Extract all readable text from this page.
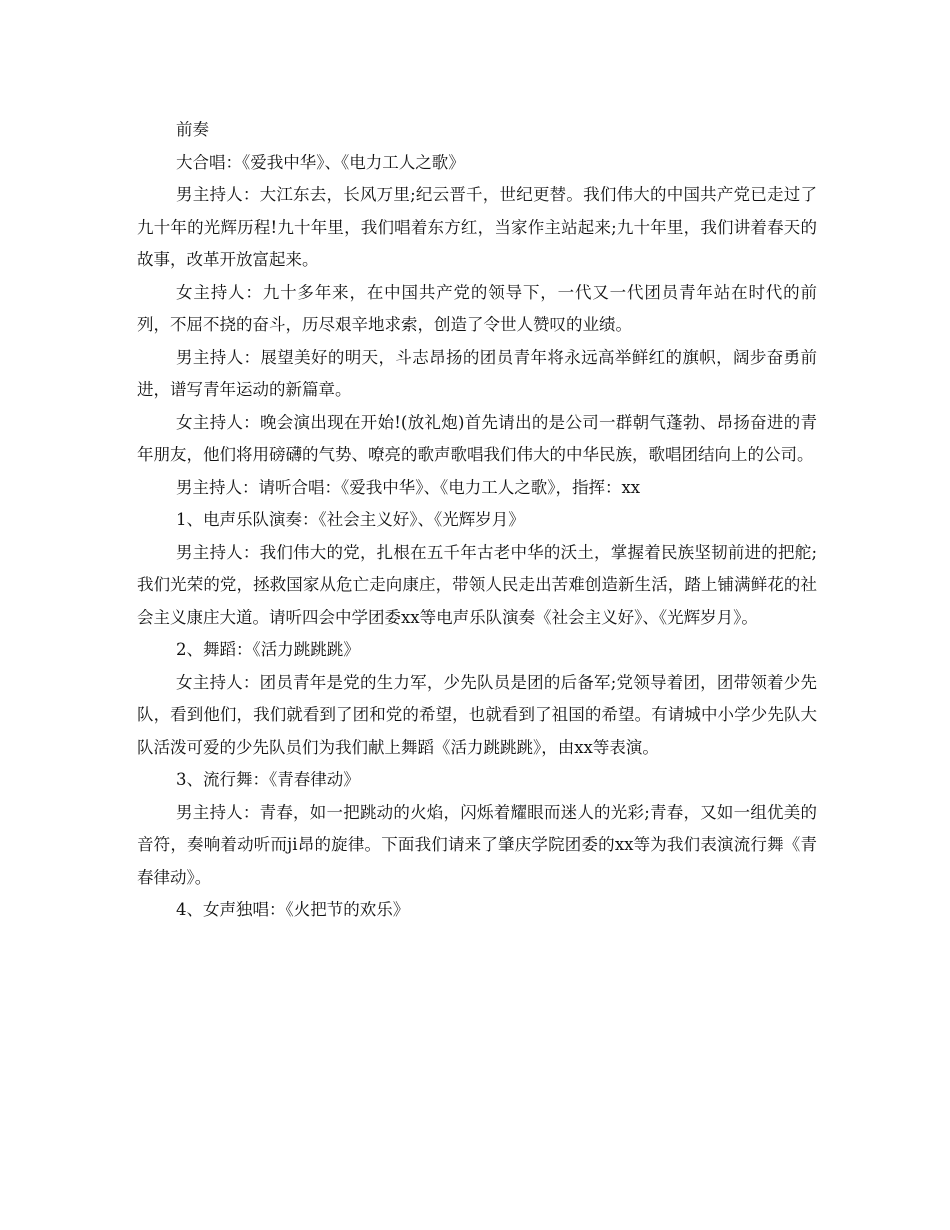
前奏

大合唱：《爱我中华》、《电力工人之歌》

男主持人：大江东去，长风万里;纪云晋千，世纪更替。我们伟大的中国共产党已走过了九十年的光辉历程!九十年里，我们唱着东方红，当家作主站起来;九十年里，我们讲着春天的故事，改革开放富起来。

女主持人：九十多年来，在中国共产党的领导下，一代又一代团员青年站在时代的前列，不屈不挠的奋斗，历尽艰辛地求索，创造了令世人赞叹的业绩。

男主持人：展望美好的明天，斗志昂扬的团员青年将永远高举鲜红的旗帜，阔步奋勇前进，谱写青年运动的新篇章。

女主持人：晚会演出现在开始!(放礼炮)首先请出的是公司一群朝气蓬勃、昂扬奋进的青年朋友，他们将用磅礴的气势、嘹亮的歌声歌唱我们伟大的中华民族，歌唱团结向上的公司。

男主持人：请听合唱：《爱我中华》、《电力工人之歌》，指挥：xx

1、电声乐队演奏：《社会主义好》、《光辉岁月》

男主持人：我们伟大的党，扎根在五千年古老中华的沃土，掌握着民族坚韧前进的把舵;我们光荣的党，拯救国家从危亡走向康庄，带领人民走出苦难创造新生活，踏上铺满鲜花的社会主义康庄大道。请听四会中学团委xx等电声乐队演奏《社会主义好》、《光辉岁月》。

2、舞蹈：《活力跳跳跳》

女主持人：团员青年是党的生力军，少先队员是团的后备军;党领导着团，团带领着少先队，看到他们，我们就看到了团和党的希望，也就看到了祖国的希望。有请城中小学少先队大队活泼可爱的少先队员们为我们献上舞蹈《活力跳跳跳》，由xx等表演。

3、流行舞：《青春律动》

男主持人：青春，如一把跳动的火焰，闪烁着耀眼而迷人的光彩;青春，又如一组优美的音符，奏响着动听而ji昂的旋律。下面我们请来了肇庆学院团委的xx等为我们表演流行舞《青春律动》。

4、女声独唱：《火把节的欢乐》
